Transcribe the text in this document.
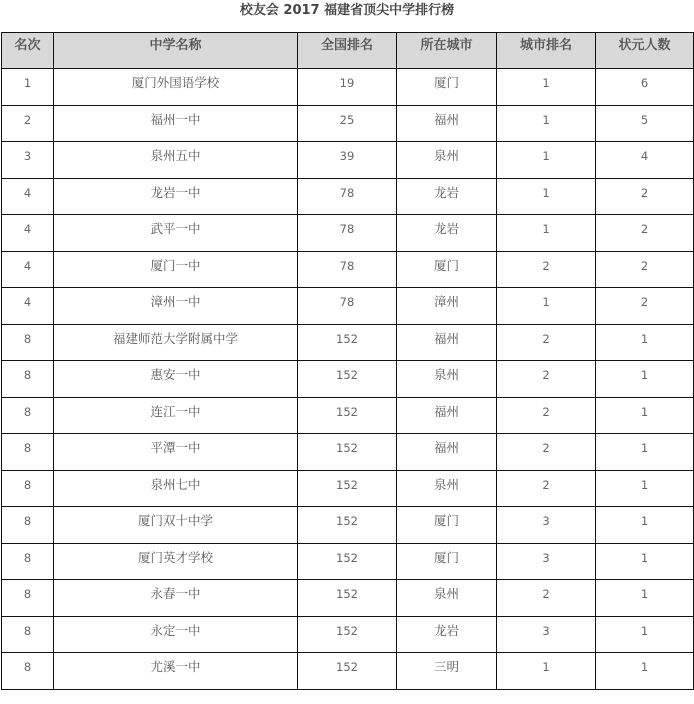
校友会 2017 福建省顶尖中学排行榜
名次	中学名称	全国排名	所在城市	城市排名	状元人数
1	厦门外国语学校	19	厦门	1	6
2	福州一中	25	福州	1	5
3	泉州五中	39	泉州	1	4
4	龙岩一中	78	龙岩	1	2
4	武平一中	78	龙岩	1	2
4	厦门一中	78	厦门	2	2
4	漳州一中	78	漳州	1	2
8	福建师范大学附属中学	152	福州	2	1
8	惠安一中	152	泉州	2	1
8	连江一中	152	福州	2	1
8	平潭一中	152	福州	2	1
8	泉州七中	152	泉州	2	1
8	厦门双十中学	152	厦门	3	1
8	厦门英才学校	152	厦门	3	1
8	永春一中	152	泉州	2	1
8	永定一中	152	龙岩	3	1
8	尤溪一中	152	三明	1	1
